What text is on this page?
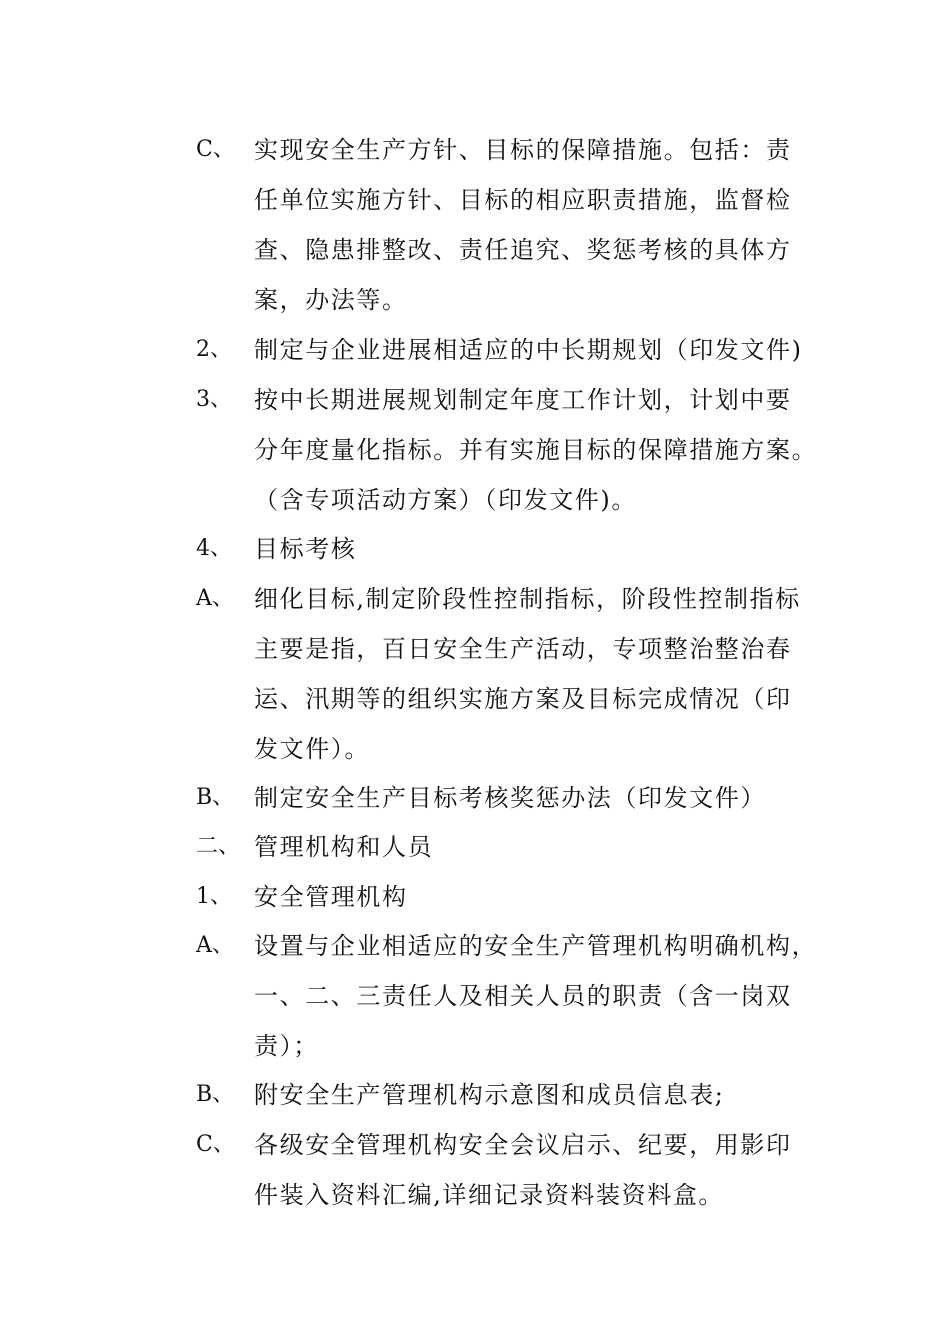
C、 实现安全生产方针、目标的保障措施。包括：责
任单位实施方针、目标的相应职责措施，监督检
查、隐患排整改、责任追究、奖惩考核的具体方
案，办法等。
2、 制定与企业进展相适应的中长期规划（印发文件)
3、 按中长期进展规划制定年度工作计划，计划中要
分年度量化指标。并有实施目标的保障措施方案。
（含专项活动方案）（印发文件)。
4、 目标考核
A、 细化目标,制定阶段性控制指标，阶段性控制指标
主要是指，百日安全生产活动，专项整治整治春
运、汛期等的组织实施方案及目标完成情况（印
发文件）。
B、 制定安全生产目标考核奖惩办法（印发文件）
二、 管理机构和人员
1、 安全管理机构
A、 设置与企业相适应的安全生产管理机构明确机构，
一、二、三责任人及相关人员的职责（含一岗双
责）；
B、 附安全生产管理机构示意图和成员信息表;
C、 各级安全管理机构安全会议启示、纪要，用影印
件装入资料汇编,详细记录资料装资料盒。
